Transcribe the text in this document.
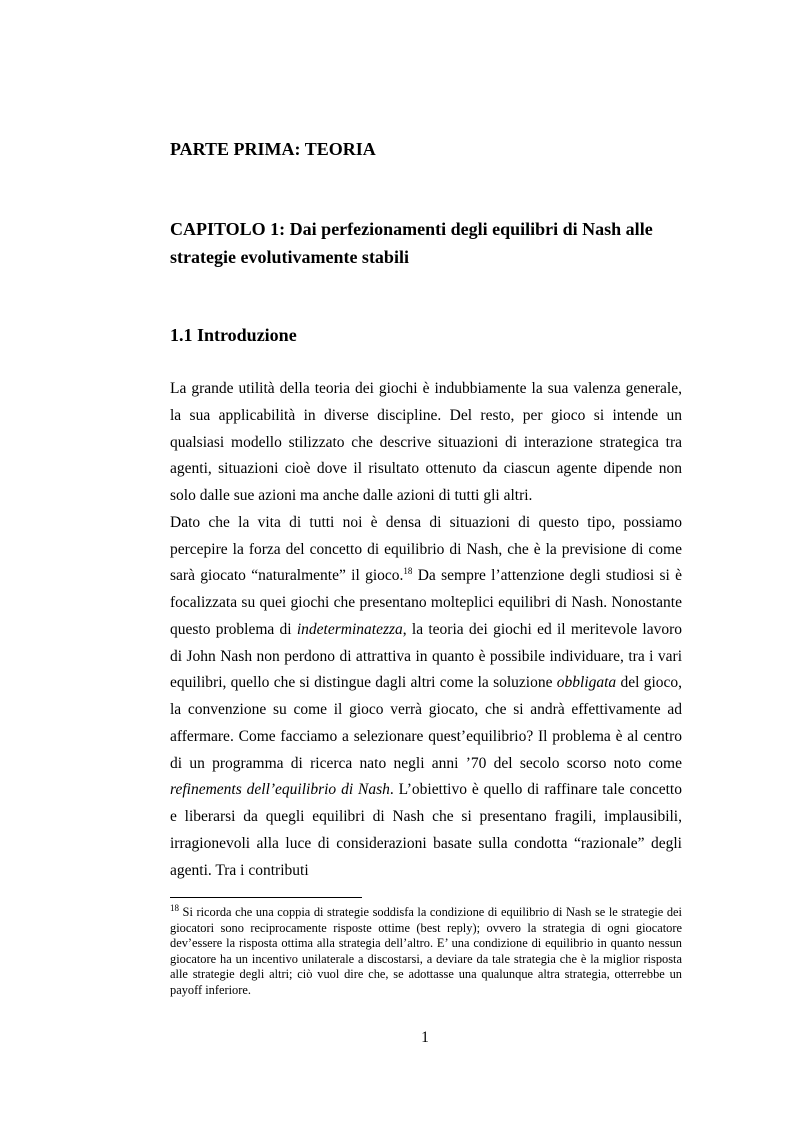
PARTE PRIMA: TEORIA
CAPITOLO 1: Dai perfezionamenti degli equilibri di Nash alle strategie evolutivamente stabili
1.1 Introduzione

La grande utilità della teoria dei giochi è indubbiamente la sua valenza generale, la sua applicabilità in diverse discipline. Del resto, per gioco si intende un qualsiasi modello stilizzato che descrive situazioni di interazione strategica tra agenti, situazioni cioè dove il risultato ottenuto da ciascun agente dipende non solo dalle sue azioni ma anche dalle azioni di tutti gli altri.

Dato che la vita di tutti noi è densa di situazioni di questo tipo, possiamo percepire la forza del concetto di equilibrio di Nash, che è la previsione di come sarà giocato “naturalmente” il gioco.$^{18}$ Da sempre l’attenzione degli studiosi si è focalizzata su quei giochi che presentano molteplici equilibri di Nash. Nonostante questo problema di indeterminatezza, la teoria dei giochi ed il meritevole lavoro di John Nash non perdono di attrattiva in quanto è possibile individuare, tra i vari equilibri, quello che si distingue dagli altri come la soluzione obbligata del gioco, la convenzione su come il gioco verrà giocato, che si andrà effettivamente ad affermare. Come facciamo a selezionare quest’equilibrio? Il problema è al centro di un programma di ricerca nato negli anni ’70 del secolo scorso noto come refinements dell’equilibrio di Nash. L’obiettivo è quello di raffinare tale concetto e liberarsi da quegli equilibri di Nash che si presentano fragili, implausibili, irragionevoli alla luce di considerazioni basate sulla condotta “razionale” degli agenti. Tra i contributi

$^{18}$ Si ricorda che una coppia di strategie soddisfa la condizione di equilibrio di Nash se le strategie dei giocatori sono reciprocamente risposte ottime (best reply); ovvero la strategia di ogni giocatore dev’essere la risposta ottima alla strategia dell’altro. E’ una condizione di equilibrio in quanto nessun giocatore ha un incentivo unilaterale a discostarsi, a deviare da tale strategia che è la miglior risposta alle strategie degli altri; ciò vuol dire che, se adottasse una qualunque altra strategia, otterrebbe un payoff inferiore.

1
